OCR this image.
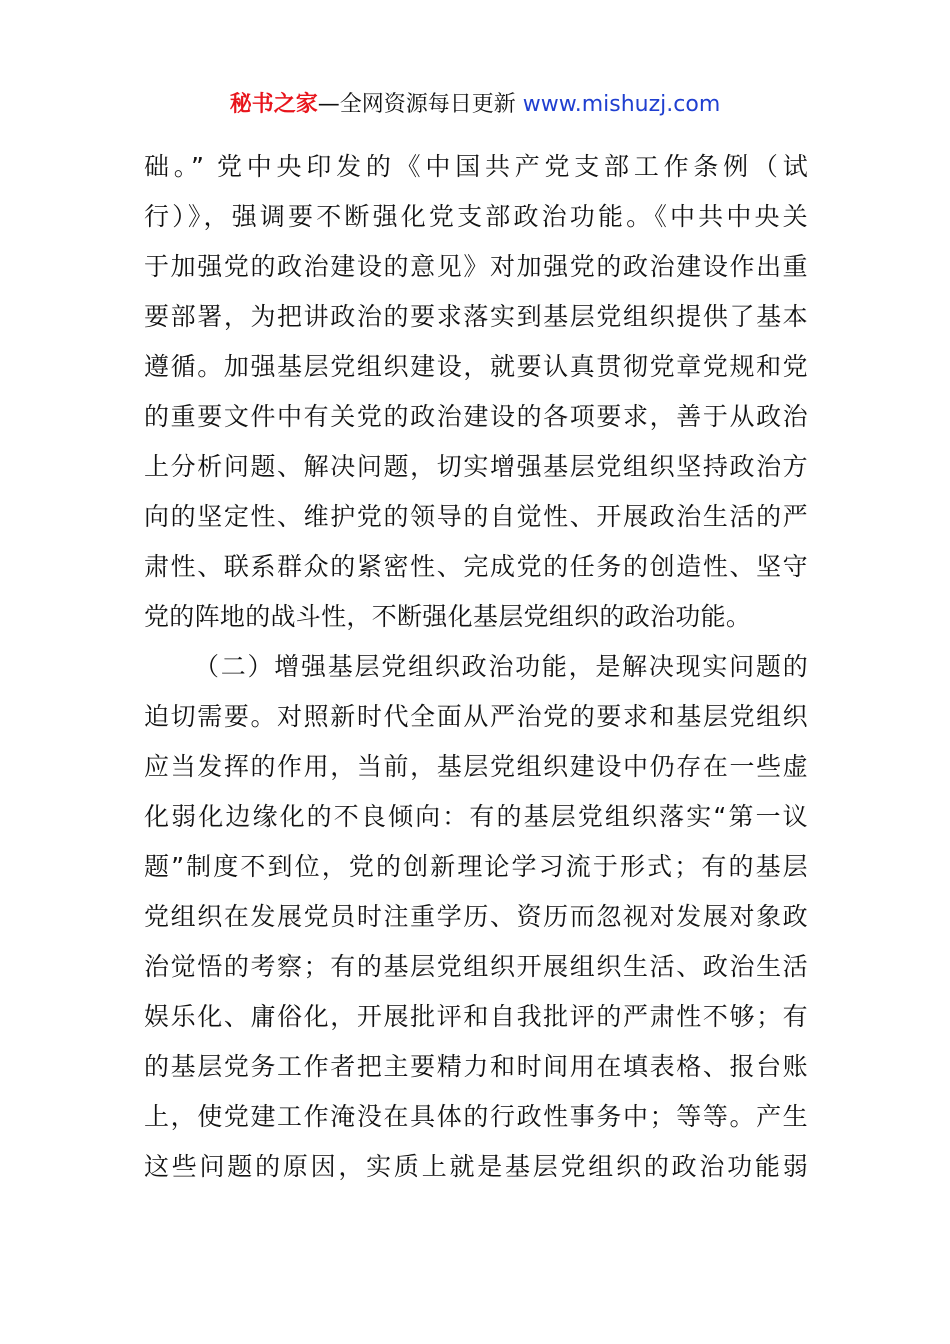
秘书之家—全网资源每日更新 www.mishuzj.com
础。” 党中央印发的《中国共产党支部工作条例（试
行）》，强调要不断强化党支部政治功能。《中共中央关
于加强党的政治建设的意见》对加强党的政治建设作出重
要部署，为把讲政治的要求落实到基层党组织提供了基本
遵循。加强基层党组织建设，就要认真贯彻党章党规和党
的重要文件中有关党的政治建设的各项要求，善于从政治
上分析问题、解决问题，切实增强基层党组织坚持政治方
向的坚定性、维护党的领导的自觉性、开展政治生活的严
肃性、联系群众的紧密性、完成党的任务的创造性、坚守
党的阵地的战斗性，不断强化基层党组织的政治功能。
（二）增强基层党组织政治功能，是解决现实问题的
迫切需要。对照新时代全面从严治党的要求和基层党组织
应当发挥的作用，当前，基层党组织建设中仍存在一些虚
化弱化边缘化的不良倾向：有的基层党组织落实“第一议
题”制度不到位，党的创新理论学习流于形式；有的基层
党组织在发展党员时注重学历、资历而忽视对发展对象政
治觉悟的考察；有的基层党组织开展组织生活、政治生活
娱乐化、庸俗化，开展批评和自我批评的严肃性不够；有
的基层党务工作者把主要精力和时间用在填表格、报台账
上，使党建工作淹没在具体的行政性事务中；等等。产生
这些问题的原因，实质上就是基层党组织的政治功能弱
